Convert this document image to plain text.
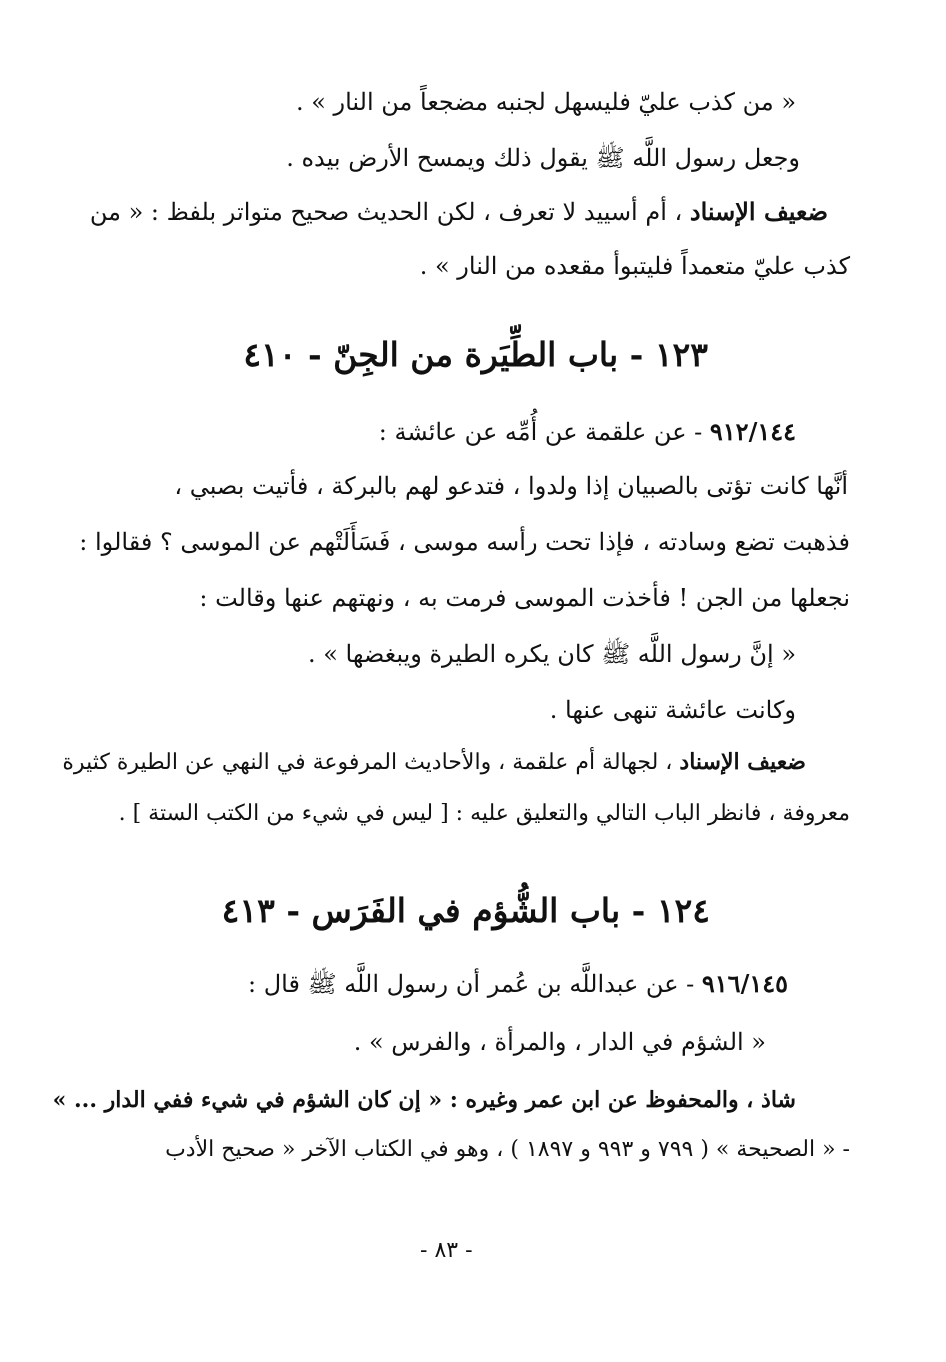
« من كذب عليّ فليسهل لجنبه مضجعاً من النار » .
وجعل رسول اللَّه ﷺ يقول ذلك ويمسح الأرض بيده .
ضعيف الإسناد ، أم أسييد لا تعرف ، لكن الحديث صحيح متواتر بلفظ : « من
كذب عليّ متعمداً فليتبوأ مقعده من النار » .
١٢٣ - باب الطِّيَرة من الجِنّ - ٤١٠
٩١٢/١٤٤ - عن علقمة عن أُمِّه عن عائشة :
أنَّها كانت تؤتى بالصبيان إذا ولدوا ، فتدعو لهم بالبركة ، فأتيت بصبي ،
فذهبت تضع وسادته ، فإذا تحت رأسه موسى ، فَسَأَلَتْهم عن الموسى ؟ فقالوا :
نجعلها من الجن ! فأخذت الموسى فرمت به ، ونهتهم عنها وقالت :
« إنَّ رسول اللَّه ﷺ كان يكره الطيرة ويبغضها » .
وكانت عائشة تنهى عنها .
ضعيف الإسناد ، لجهالة أم علقمة ، والأحاديث المرفوعة في النهي عن الطيرة كثيرة
معروفة ، فانظر الباب التالي والتعليق عليه : [ ليس في شيء من الكتب الستة ] .
١٢٤ - باب الشُّؤم في الفَرَس - ٤١٣
٩١٦/١٤٥ - عن عبداللَّه بن عُمر أن رسول اللَّه ﷺ قال :
« الشؤم في الدار ، والمرأة ، والفرس » .
شاذ ، والمحفوظ عن ابن عمر وغيره : « إن كان الشؤم في شيء ففي الدار ... »
- « الصحيحة » ( ٧٩٩ و ٩٩٣ و ١٨٩٧ ) ، وهو في الكتاب الآخر « صحيح الأدب
- ٨٣ -
